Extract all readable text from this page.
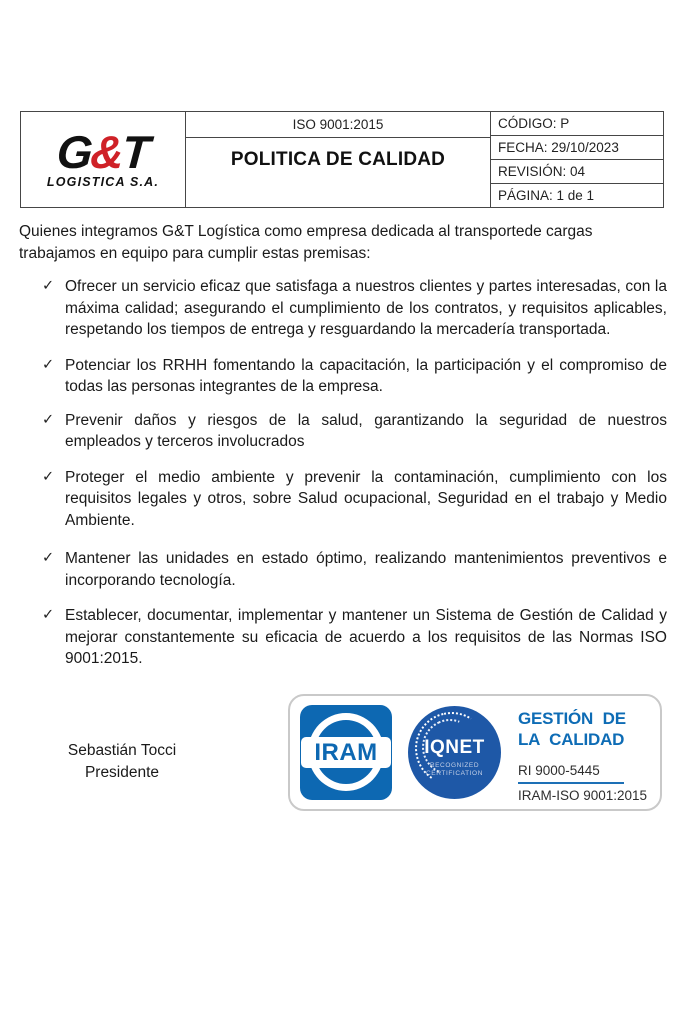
G&T
LOGISTICA S.A.
ISO 9001:2015
POLITICA DE CALIDAD
CÓDIGO: P
FECHA: 29/10/2023
REVISIÓN: 04
PÁGINA: 1 de 1
Quienes integramos G&T Logística como empresa dedicada al transportede cargas trabajamos en equipo para cumplir estas premisas:
✓ Ofrecer un servicio eficaz que satisfaga a nuestros clientes y partes interesadas, con la máxima calidad; asegurando el cumplimiento de los contratos, y requisitos aplicables, respetando los tiempos de entrega y resguardando la mercadería transportada.
✓ Potenciar los RRHH fomentando la capacitación, la participación y el compromiso de todas las personas integrantes de la empresa.
✓ Prevenir daños y riesgos de la salud, garantizando la seguridad de nuestros empleados y terceros involucrados
✓ Proteger el medio ambiente y prevenir la contaminación, cumplimiento con los requisitos legales y otros, sobre Salud ocupacional, Seguridad en el trabajo y Medio Ambiente.
✓ Mantener las unidades en estado óptimo, realizando mantenimientos preventivos e incorporando tecnología.
✓ Establecer, documentar, implementar y mantener un Sistema de Gestión de Calidad y mejorar constantemente su eficacia de acuerdo a los requisitos de las Normas ISO 9001:2015.
Sebastián Tocci
Presidente
IRAM IQNET
RECOGNIZED
CERTIFICATION
GESTIÓN DE
LA CALIDAD
RI 9000-5445
IRAM-ISO 9001:2015
